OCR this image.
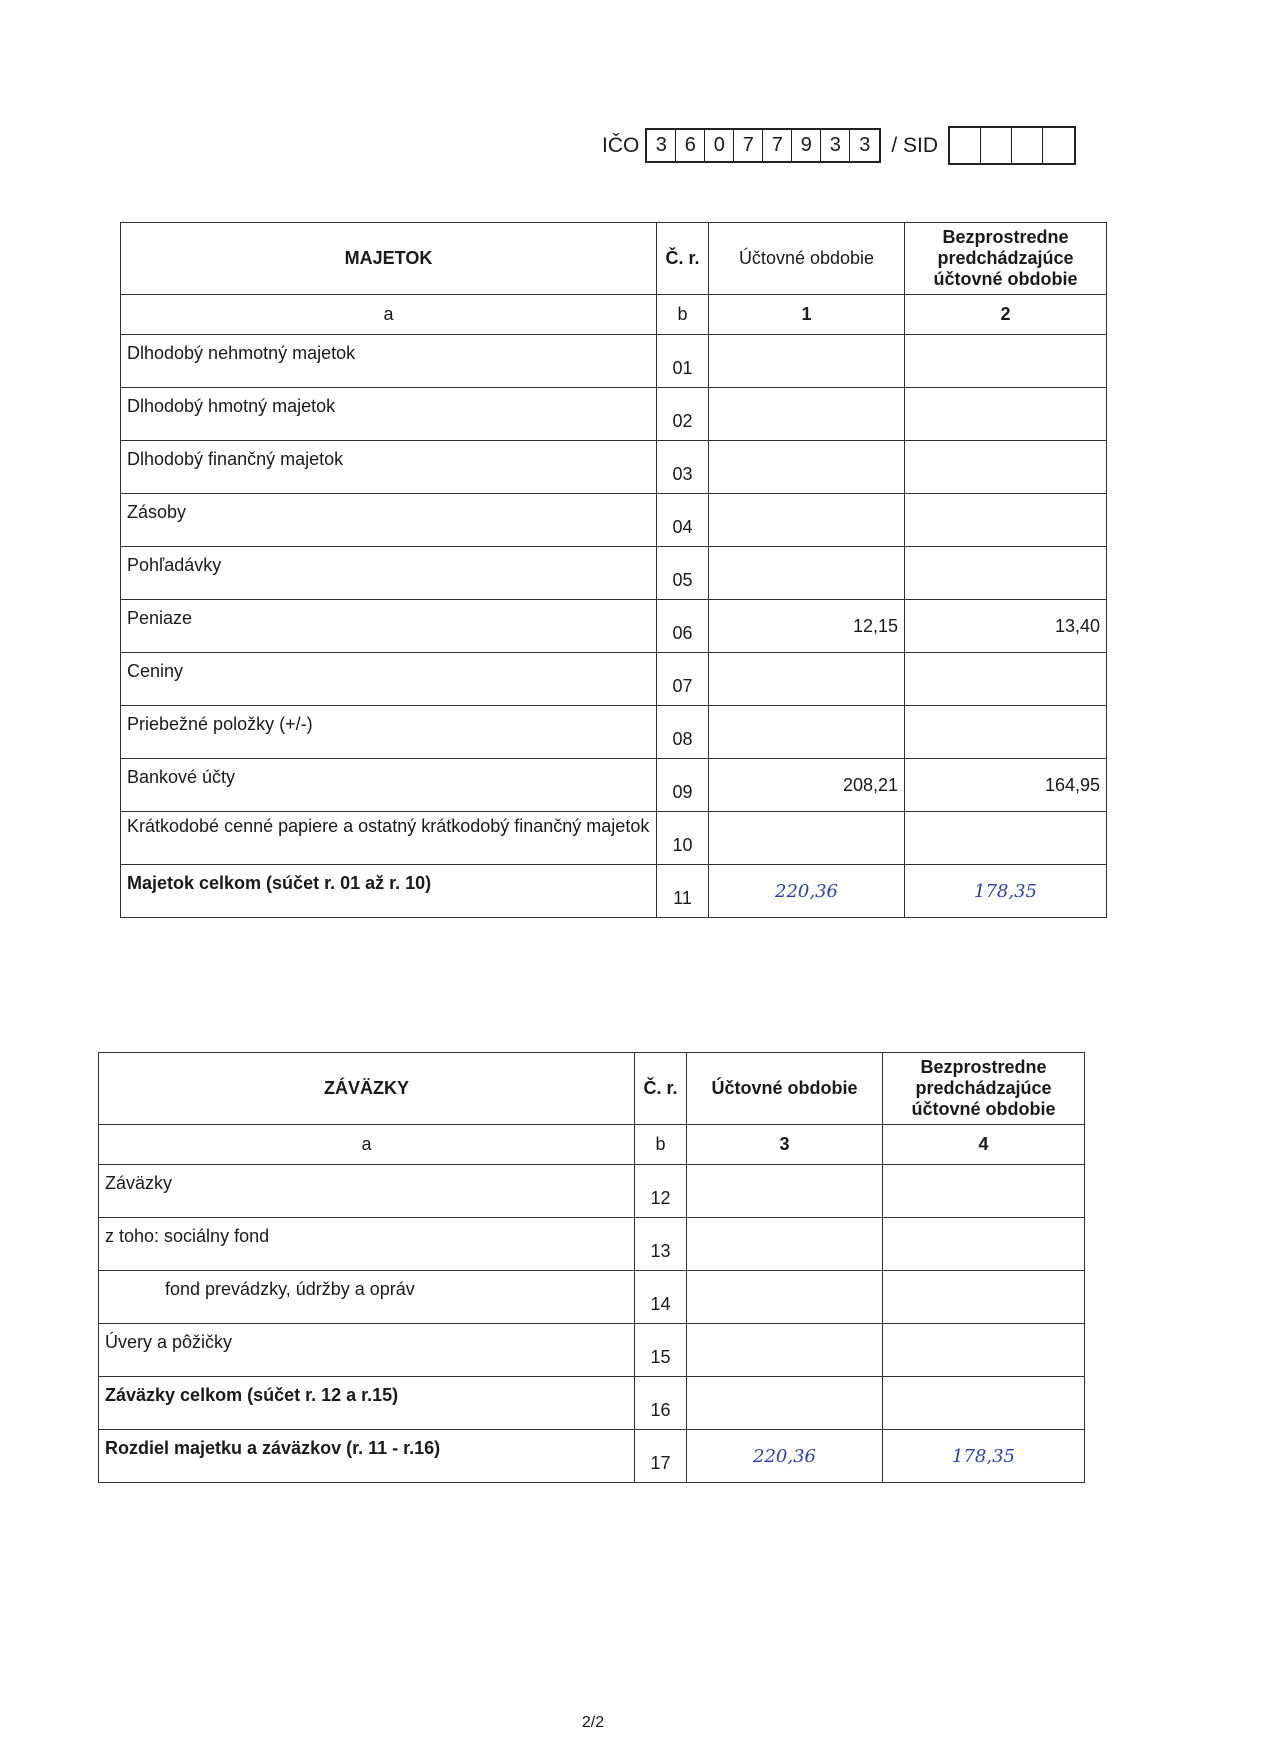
IČO 3 6 0 7 7 9 3 3 / SID
MAJETOK	Č. r.	Účtovné obdobie	Bezprostredne predchádzajúce účtovné obdobie
a	b	1	2
Dlhodobý nehmotný majetok	01		
Dlhodobý hmotný majetok	02		
Dlhodobý finančný majetok	03		
Zásoby	04		
Pohľadávky	05		
Peniaze	06	12,15	13,40
Ceniny	07		
Priebežné položky (+/-)	08		
Bankové účty	09	208,21	164,95
Krátkodobé cenné papiere a ostatný krátkodobý finančný majetok	10		
Majetok celkom (súčet r. 01 až r. 10)	11	220,36	178,35
ZÁVÄZKY	Č. r.	Účtovné obdobie	Bezprostredne predchádzajúce účtovné obdobie
a	b	3	4
Záväzky	12		
z toho: sociálny fond	13		
fond prevádzky, údržby a opráv	14		
Úvery a pôžičky	15		
Záväzky celkom (súčet r. 12 a r.15)	16		
Rozdiel majetku a záväzkov (r. 11 - r.16)	17	220,36	178,35
2/2
